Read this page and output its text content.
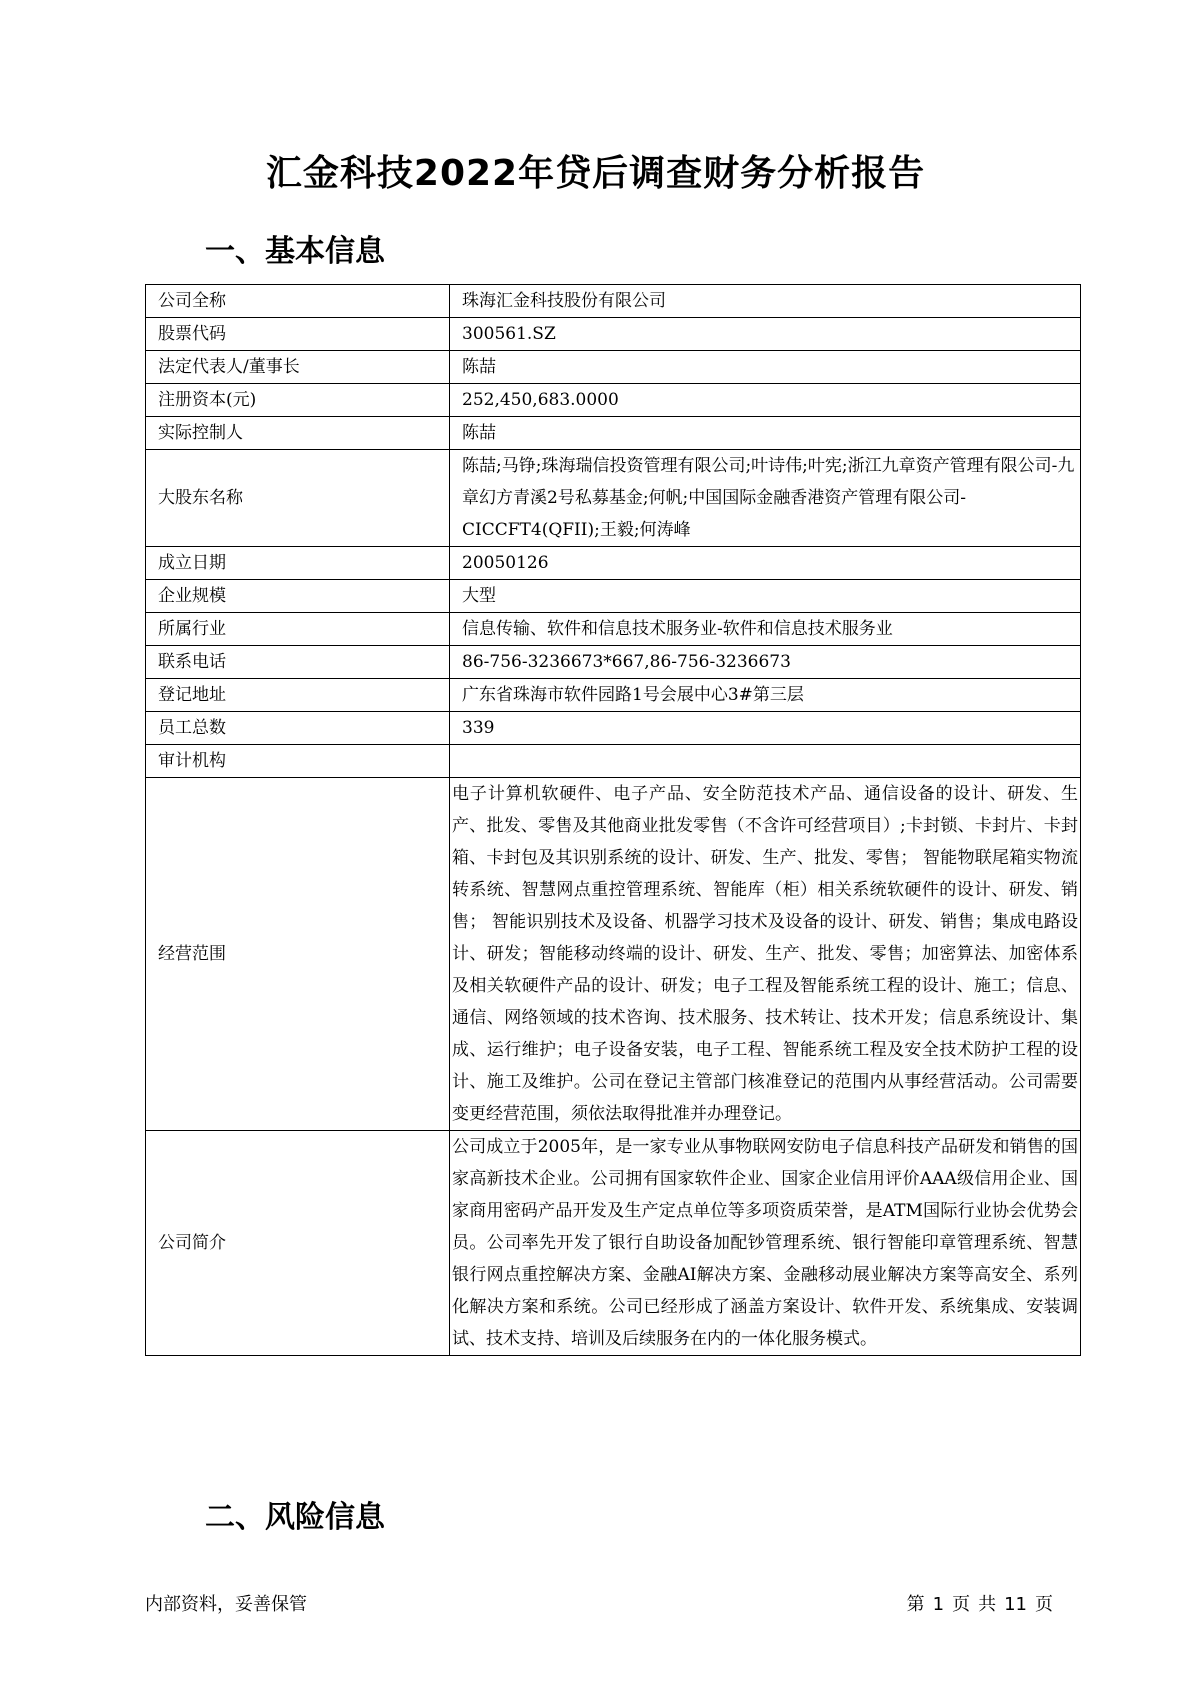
汇金科技2022年贷后调查财务分析报告
一、基本信息
公司全称	珠海汇金科技股份有限公司
股票代码	300561.SZ
法定代表人/董事长	陈喆
注册资本(元)	252,450,683.0000
实际控制人	陈喆
大股东名称	陈喆;马铮;珠海瑞信投资管理有限公司;叶诗伟;叶宪;浙江九章资产管理有限公司-九章幻方青溪2号私募基金;何帆;中国国际金融香港资产管理有限公司-CICCFT4(QFII);王毅;何涛峰
成立日期	20050126
企业规模	大型
所属行业	信息传输、软件和信息技术服务业-软件和信息技术服务业
联系电话	86-756-3236673*667,86-756-3236673
登记地址	广东省珠海市软件园路1号会展中心3#第三层
员工总数	339
审计机构	
经营范围	电子计算机软硬件、电子产品、安全防范技术产品、通信设备的设计、研发、生产、批发、零售及其他商业批发零售（不含许可经营项目）;卡封锁、卡封片、卡封箱、卡封包及其识别系统的设计、研发、生产、批发、零售； 智能物联尾箱实物流转系统、智慧网点重控管理系统、智能库（柜）相关系统软硬件的设计、研发、销售； 智能识别技术及设备、机器学习技术及设备的设计、研发、销售；集成电路设计、研发；智能移动终端的设计、研发、生产、批发、零售；加密算法、加密体系及相关软硬件产品的设计、研发；电子工程及智能系统工程的设计、施工；信息、通信、网络领域的技术咨询、技术服务、技术转让、技术开发；信息系统设计、集成、运行维护；电子设备安装，电子工程、智能系统工程及安全技术防护工程的设计、施工及维护。公司在登记主管部门核准登记的范围内从事经营活动。公司需要变更经营范围，须依法取得批准并办理登记。
公司简介	公司成立于2005年，是一家专业从事物联网安防电子信息科技产品研发和销售的国家高新技术企业。公司拥有国家软件企业、国家企业信用评价AAA级信用企业、国家商用密码产品开发及生产定点单位等多项资质荣誉，是ATM国际行业协会优势会员。公司率先开发了银行自助设备加配钞管理系统、银行智能印章管理系统、智慧银行网点重控解决方案、金融AI解决方案、金融移动展业解决方案等高安全、系列化解决方案和系统。公司已经形成了涵盖方案设计、软件开发、系统集成、安装调试、技术支持、培训及后续服务在内的一体化服务模式。
二、风险信息
内部资料，妥善保管	第 1 页 共 11 页
